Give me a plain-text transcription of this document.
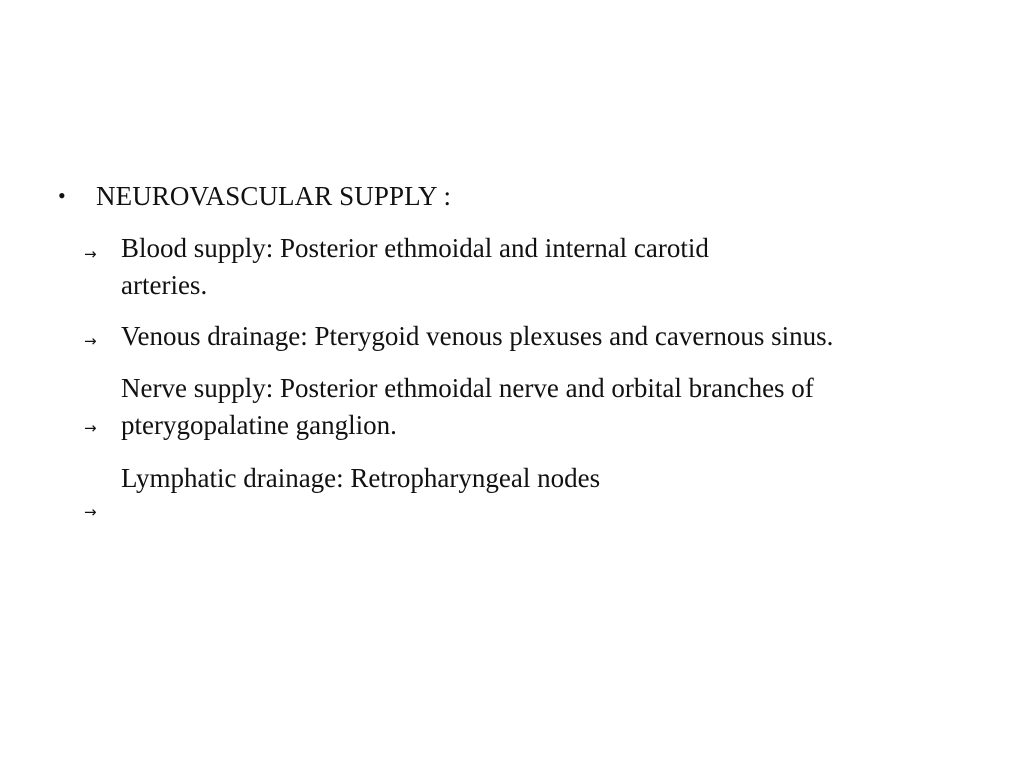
• NEUROVASCULAR SUPPLY :
→ Blood supply: Posterior ethmoidal and internal carotid arteries.
→ Venous drainage: Pterygoid venous plexuses and cavernous sinus.
→
Nerve supply: Posterior ethmoidal nerve and orbital branches of pterygopalatine ganglion.
→
Lymphatic drainage: Retropharyngeal nodes
